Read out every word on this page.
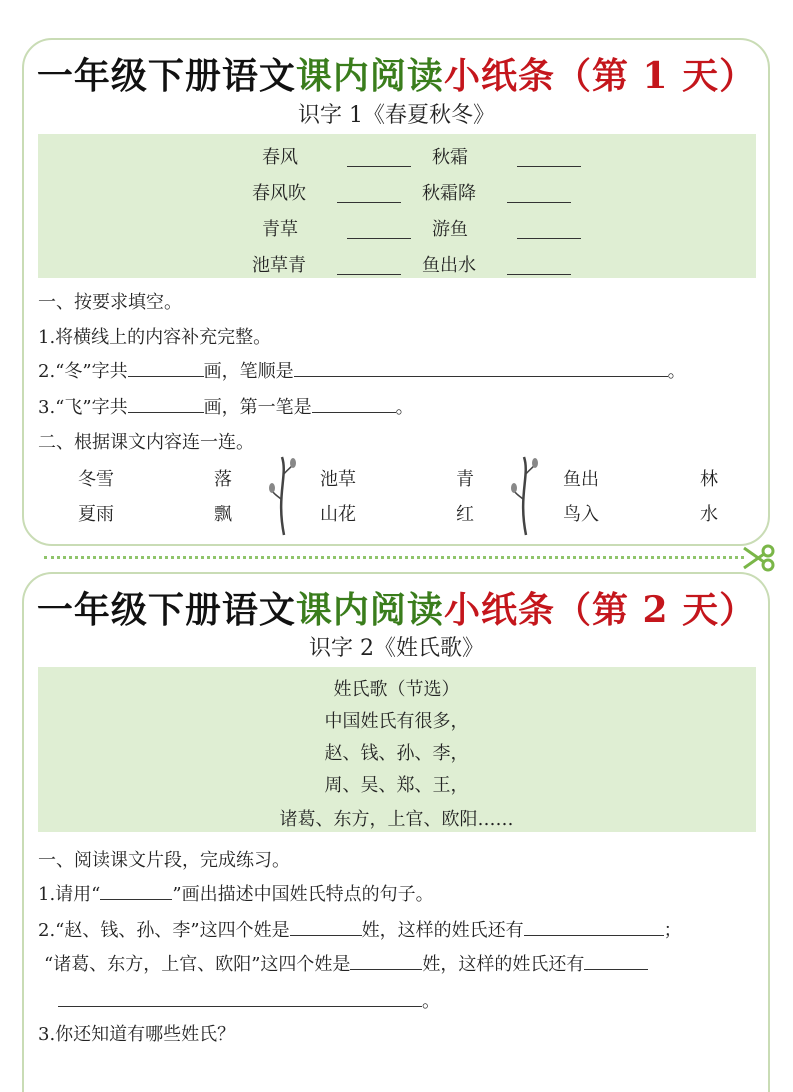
一年级下册语文课内阅读小纸条（第 1 天）
识字 1《春夏秋冬》
春风	秋霜
春风吹	秋霜降
青草	游鱼
池草青	鱼出水
一、按要求填空。
1.将横线上的内容补充完整。
2.“冬”字共	画，笔顺是	。
3.“飞”字共	画，第一笔是	。
二、根据课文内容连一连。
冬雪	落	池草	青	鱼出	林
夏雨	飘	山花	红	鸟入	水
一年级下册语文课内阅读小纸条（第 2 天）
识字 2《姓氏歌》
姓氏歌（节选）
中国姓氏有很多，
赵、钱、孙、李，
周、吴、郑、王，
诸葛、东方，上官、欧阳……
一、阅读课文片段，完成练习。
1.请用“	”画出描述中国姓氏特点的句子。
2.“赵、钱、孙、李”这四个姓是	姓，这样的姓氏还有	；
“诸葛、东方，上官、欧阳”这四个姓是	姓，这样的姓氏还有
。
3.你还知道有哪些姓氏？
